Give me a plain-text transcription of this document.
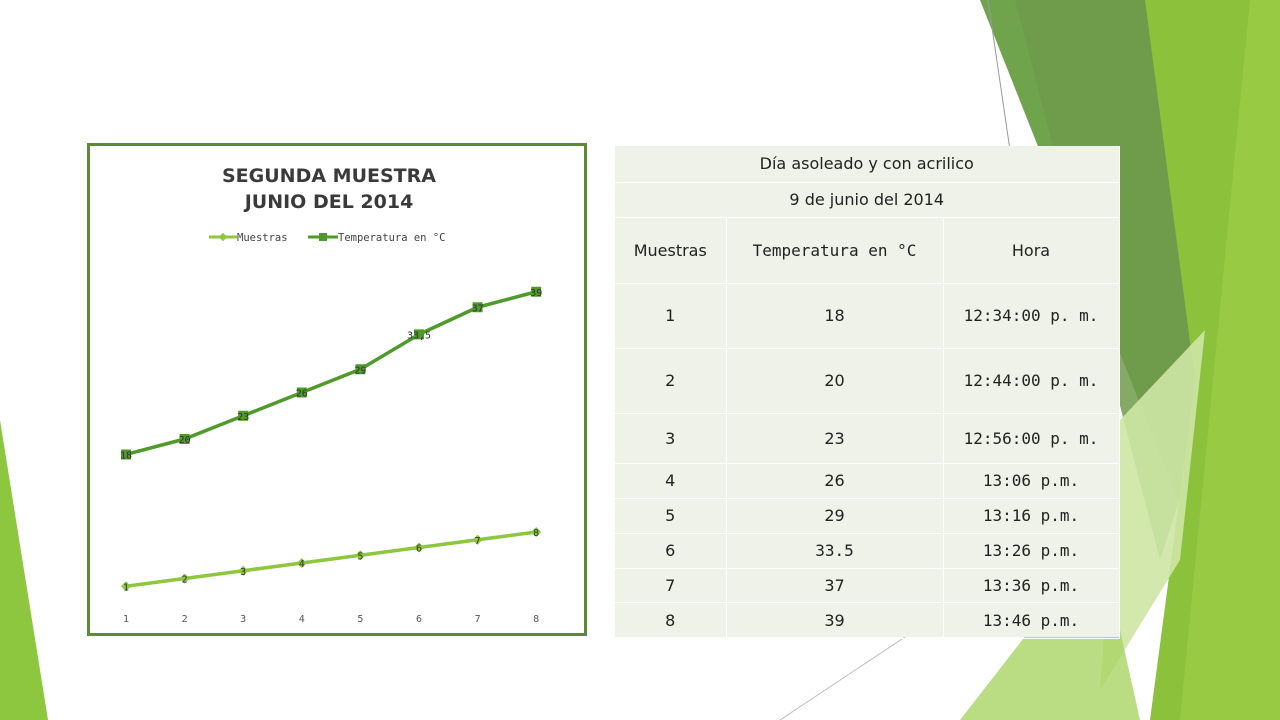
SEGUNDA MUESTRA
JUNIO DEL 2014
Muestras	Temperatura en °C
1	2	3	4	5	6	7	8
1
2
3
4
5
6
7
8
18
20
23
26
29
33,5
37
39
Día asoleado y con acrilico		
9 de junio del 2014		
Muestras	Temperatura en °C	Hora
1	18	12:34:00 p. m.
2	20	12:44:00 p. m.
3	23	12:56:00 p. m.
4	26	13:06 p.m.
5	29	13:16 p.m.
6	33.5	13:26 p.m.
7	37	13:36 p.m.
8	39	13:46 p.m.
